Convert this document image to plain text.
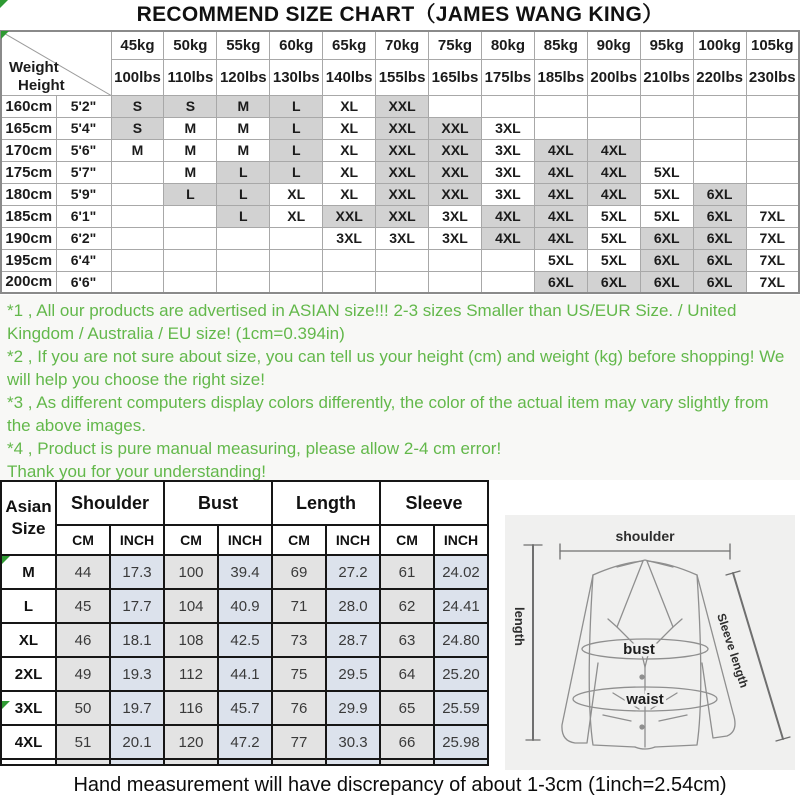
RECOMMEND SIZE CHART（JAMES WANG KING）
Weight
Height		45kg	50kg	55kg	60kg	65kg	70kg	75kg	80kg	85kg	90kg	95kg	100kg	105kg
		100lbs	110lbs	120lbs	130lbs	140lbs	155lbs	165lbs	175lbs	185lbs	200lbs	210lbs	220lbs	230lbs
160cm	5'2"	S	S	M	L	XL	XXL							
165cm	5'4"	S	M	M	L	XL	XXL	XXL	3XL					
170cm	5'6"	M	M	M	L	XL	XXL	XXL	3XL	4XL	4XL			
175cm	5'7"		M	L	L	XL	XXL	XXL	3XL	4XL	4XL	5XL		
180cm	5'9"		L	L	XL	XL	XXL	XXL	3XL	4XL	4XL	5XL	6XL	
185cm	6'1"			L	XL	XXL	XXL	3XL	4XL	4XL	5XL	5XL	6XL	7XL
190cm	6'2"					3XL	3XL	3XL	4XL	4XL	5XL	6XL	6XL	7XL
195cm	6'4"									5XL	5XL	6XL	6XL	7XL
200cm	6'6"									6XL	6XL	6XL	6XL	7XL

*1 , All our products are advertised in ASIAN size!!! 2-3 sizes Smaller than US/EUR Size. / United Kingdom / Australia / EU size! (1cm=0.394in)

*2 , If you are not sure about size, you can tell us your height (cm) and weight (kg) before shopping! We will help you choose the right size!

*3 , As different computers display colors differently, the color of the actual item may vary slightly from the above images.

*4 , Product is pure manual measuring, please allow 2-4 cm error!

Thank you for your understanding!

Asian
Size	Shoulder		Bust		Length		Sleeve	
	CM	INCH	CM	INCH	CM	INCH	CM	INCH
M	44	17.3	100	39.4	69	27.2	61	24.02
L	45	17.7	104	40.9	71	28.0	62	24.41
XL	46	18.1	108	42.5	73	28.7	63	24.80
2XL	49	19.3	112	44.1	75	29.5	64	25.20
3XL	50	19.7	116	45.7	76	29.9	65	25.59
4XL	51	20.1	120	47.2	77	30.3	66	25.98

shoulder
length	Sleeve length
bust
waist
Hand measurement will have discrepancy of about 1-3cm (1inch=2.54cm)
